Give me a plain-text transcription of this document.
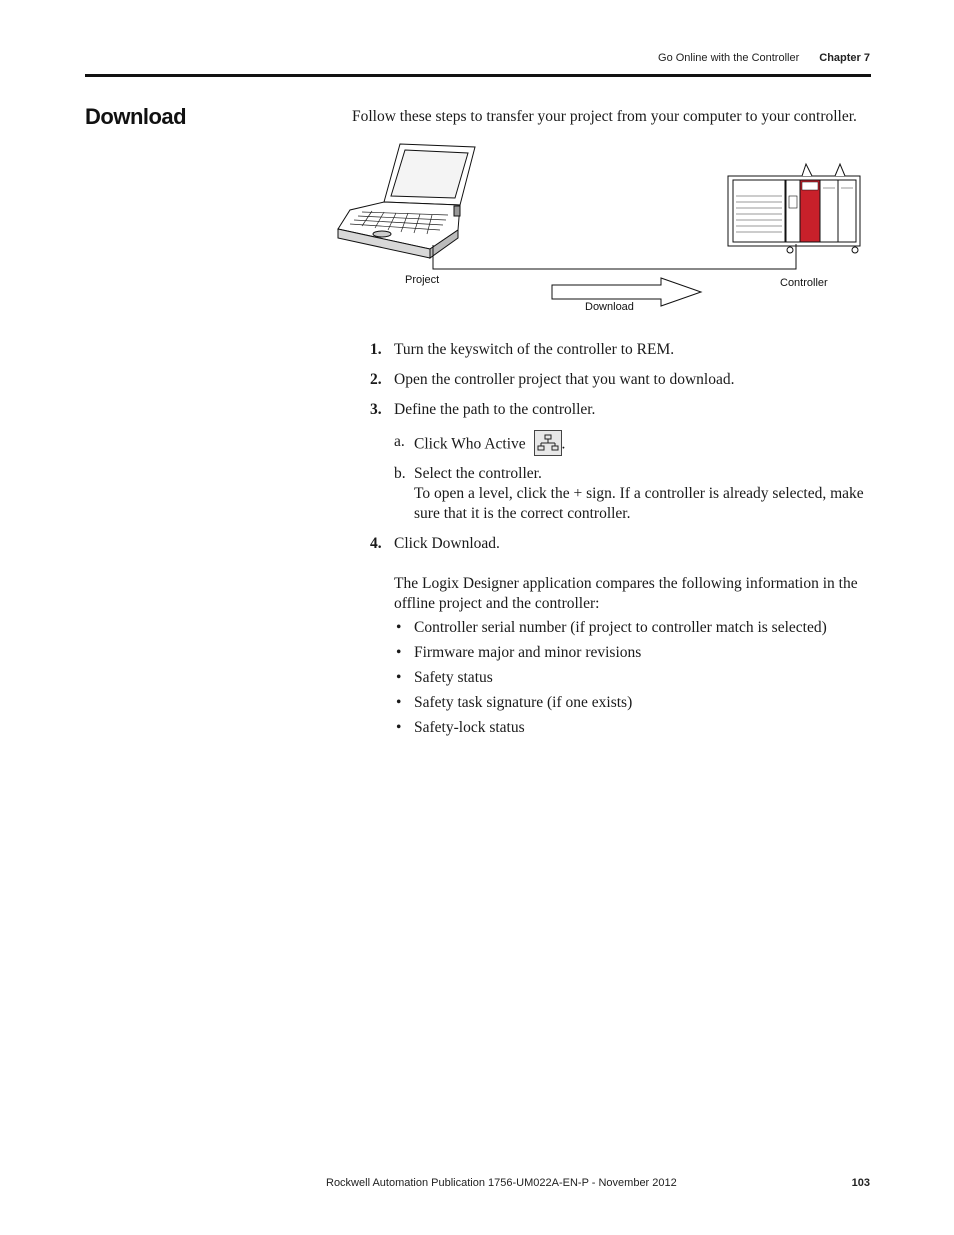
Go Online with the Controller Chapter 7
Download	Follow these steps to transfer your project from your computer to your controller.
Project	Controller
Download
1. Turn the keyswitch of the controller to REM.
2. Open the controller project that you want to download.
3. Define the path to the controller.
a. Click Who Active .
b. Select the controller.
To open a level, click the + sign. If a controller is already selected, make sure that it is the correct controller.
4. Click Download.
The Logix Designer application compares the following information in the offline project and the controller:
• Controller serial number (if project to controller match is selected)
• Firmware major and minor revisions
• Safety status
• Safety task signature (if one exists)
• Safety-lock status
Rockwell Automation Publication 1756-UM022A-EN-P - November 2012	103
